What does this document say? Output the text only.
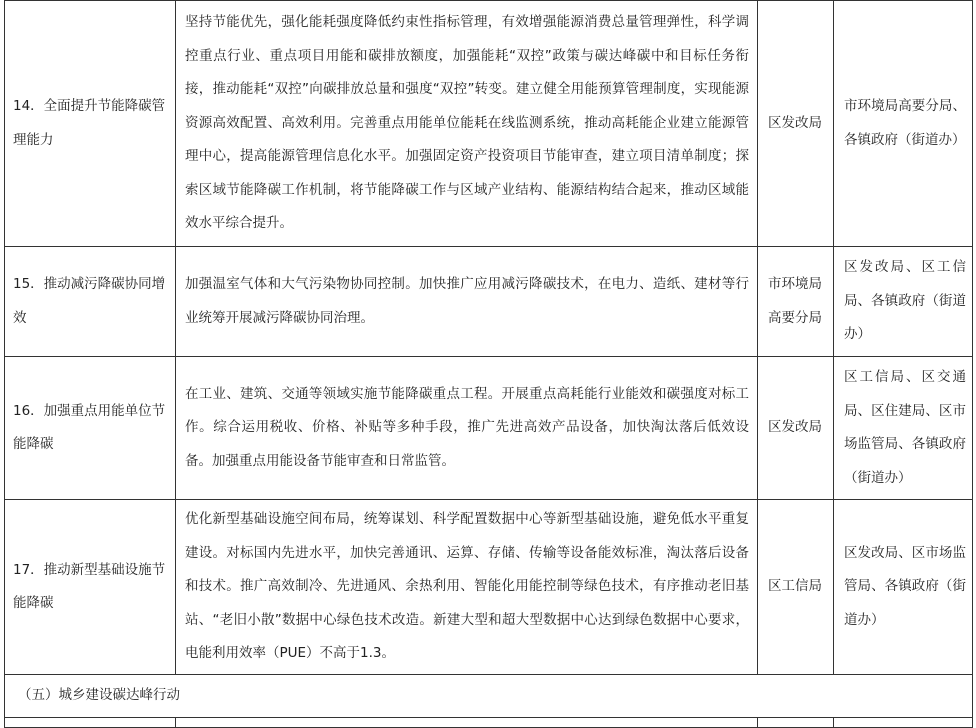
14．全面提升节能降碳管理能力	坚持节能优先，强化能耗强度降低约束性指标管理，有效增强能源消费总量管理弹性，科学调控重点行业、重点项目用能和碳排放额度，加强能耗“双控”政策与碳达峰碳中和目标任务衔接，推动能耗“双控”向碳排放总量和强度“双控”转变。建立健全用能预算管理制度，实现能源资源高效配置、高效利用。完善重点用能单位能耗在线监测系统，推动高耗能企业建立能源管理中心，提高能源管理信息化水平。加强固定资产投资项目节能审查，建立项目清单制度；探索区域节能降碳工作机制，将节能降碳工作与区域产业结构、能源结构结合起来，推动区域能效水平综合提升。	区发改局	市环境局高要分局、各镇政府（街道办）
15．推动减污降碳协同增效	加强温室气体和大气污染物协同控制。加快推广应用减污降碳技术，在电力、造纸、建材等行业统筹开展减污降碳协同治理。	市环境局高要分局	区发改局、区工信局、各镇政府（街道办）
16．加强重点用能单位节能降碳	在工业、建筑、交通等领域实施节能降碳重点工程。开展重点高耗能行业能效和碳强度对标工作。综合运用税收、价格、补贴等多种手段，推广先进高效产品设备，加快淘汰落后低效设备。加强重点用能设备节能审查和日常监管。	区发改局	区工信局、区交通局、区住建局、区市场监管局、各镇政府（街道办）
17．推动新型基础设施节能降碳	优化新型基础设施空间布局，统筹谋划、科学配置数据中心等新型基础设施，避免低水平重复建设。对标国内先进水平，加快完善通讯、运算、存储、传输等设备能效标准，淘汰落后设备和技术。推广高效制冷、先进通风、余热利用、智能化用能控制等绿色技术，有序推动老旧基站、“老旧小散”数据中心绿色技术改造。新建大型和超大型数据中心达到绿色数据中心要求，电能利用效率（PUE）不高于1.3。	区工信局	区发改局、区市场监管局、各镇政府（街道办）
（五）城乡建设碳达峰行动			
